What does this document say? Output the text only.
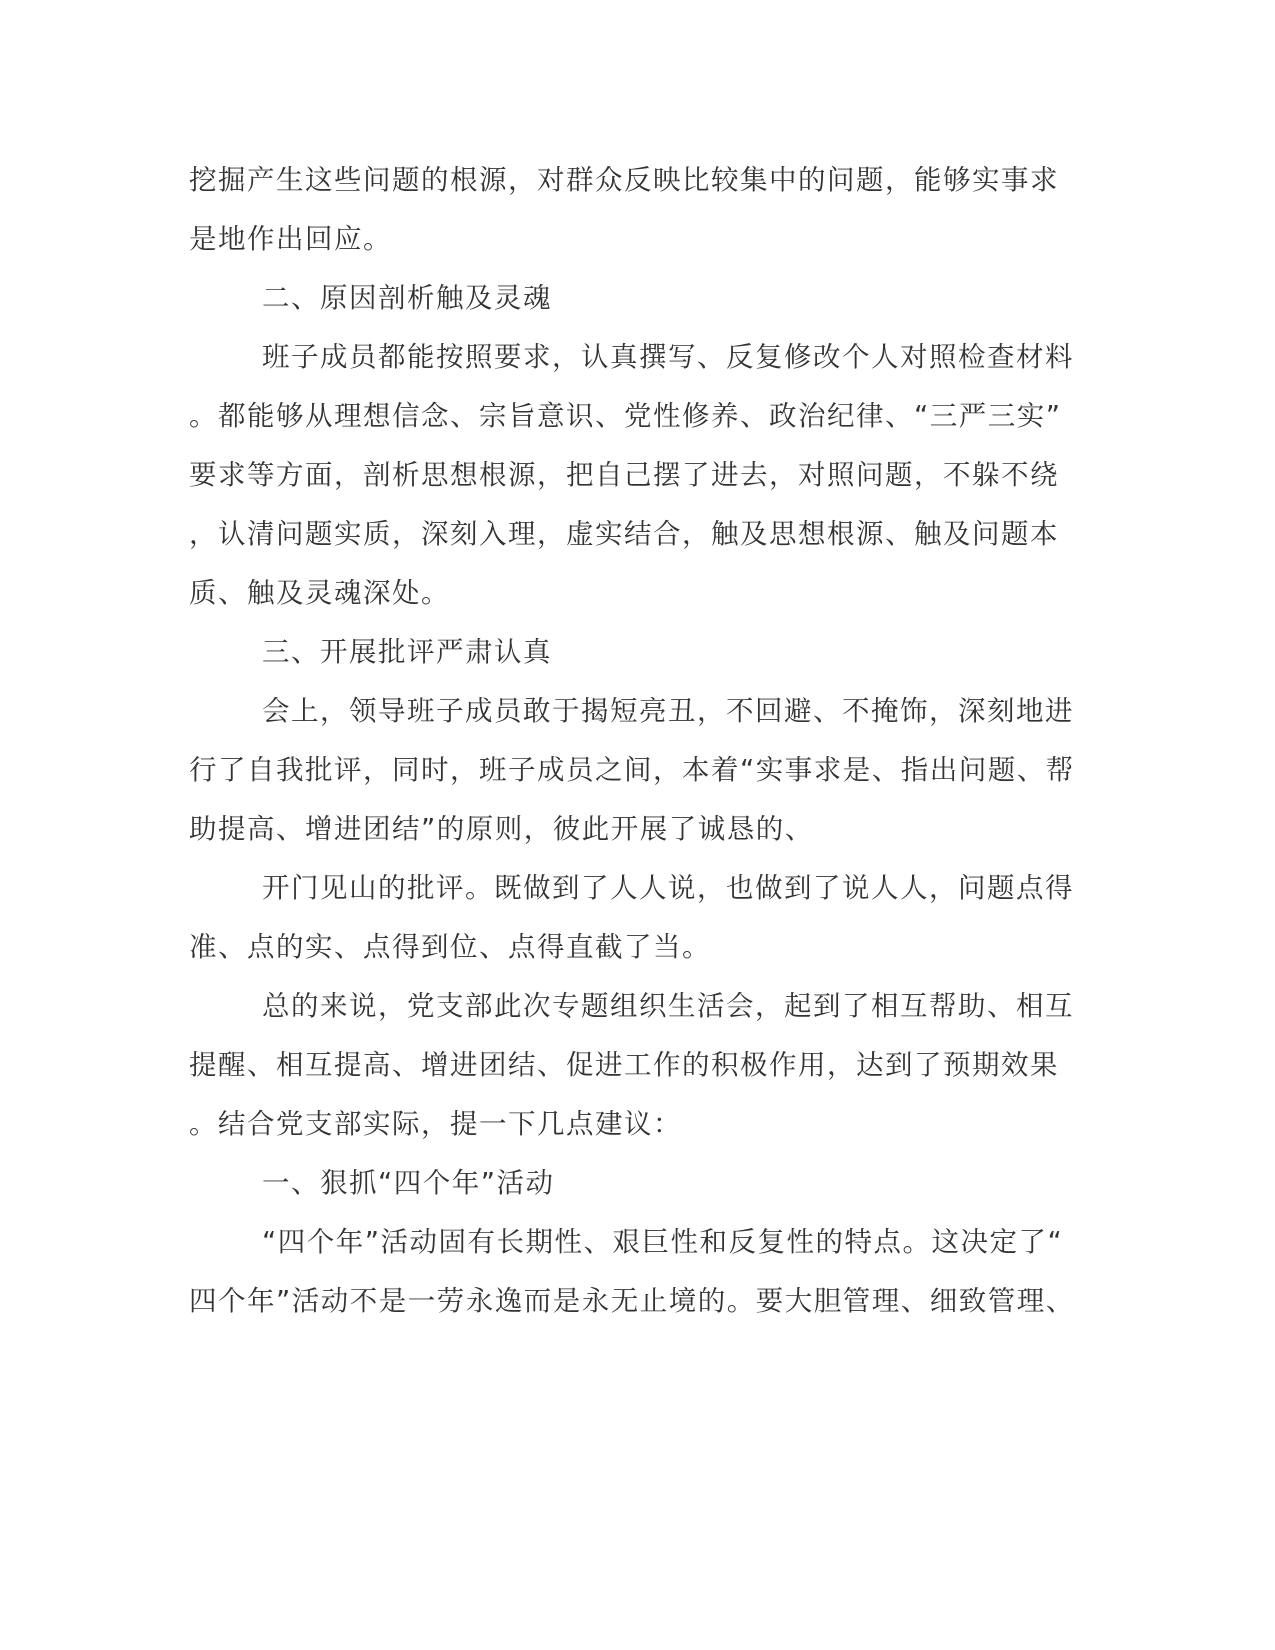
挖掘产生这些问题的根源，对群众反映比较集中的问题，能够实事求
是地作出回应。
二、原因剖析触及灵魂
班子成员都能按照要求，认真撰写、反复修改个人对照检查材料
。都能够从理想信念、宗旨意识、党性修养、政治纪律、“三严三实”
要求等方面，剖析思想根源，把自己摆了进去，对照问题，不躲不绕
，认清问题实质，深刻入理，虚实结合，触及思想根源、触及问题本
质、触及灵魂深处。
三、开展批评严肃认真
会上，领导班子成员敢于揭短亮丑，不回避、不掩饰，深刻地进
行了自我批评，同时，班子成员之间，本着“实事求是、指出问题、帮
助提高、增进团结”的原则，彼此开展了诚恳的、
开门见山的批评。既做到了人人说，也做到了说人人，问题点得
准、点的实、点得到位、点得直截了当。
总的来说，党支部此次专题组织生活会，起到了相互帮助、相互
提醒、相互提高、增进团结、促进工作的积极作用，达到了预期效果
。结合党支部实际，提一下几点建议：
一、狠抓“四个年”活动
“四个年”活动固有长期性、艰巨性和反复性的特点。这决定了“
四个年”活动不是一劳永逸而是永无止境的。要大胆管理、细致管理、
